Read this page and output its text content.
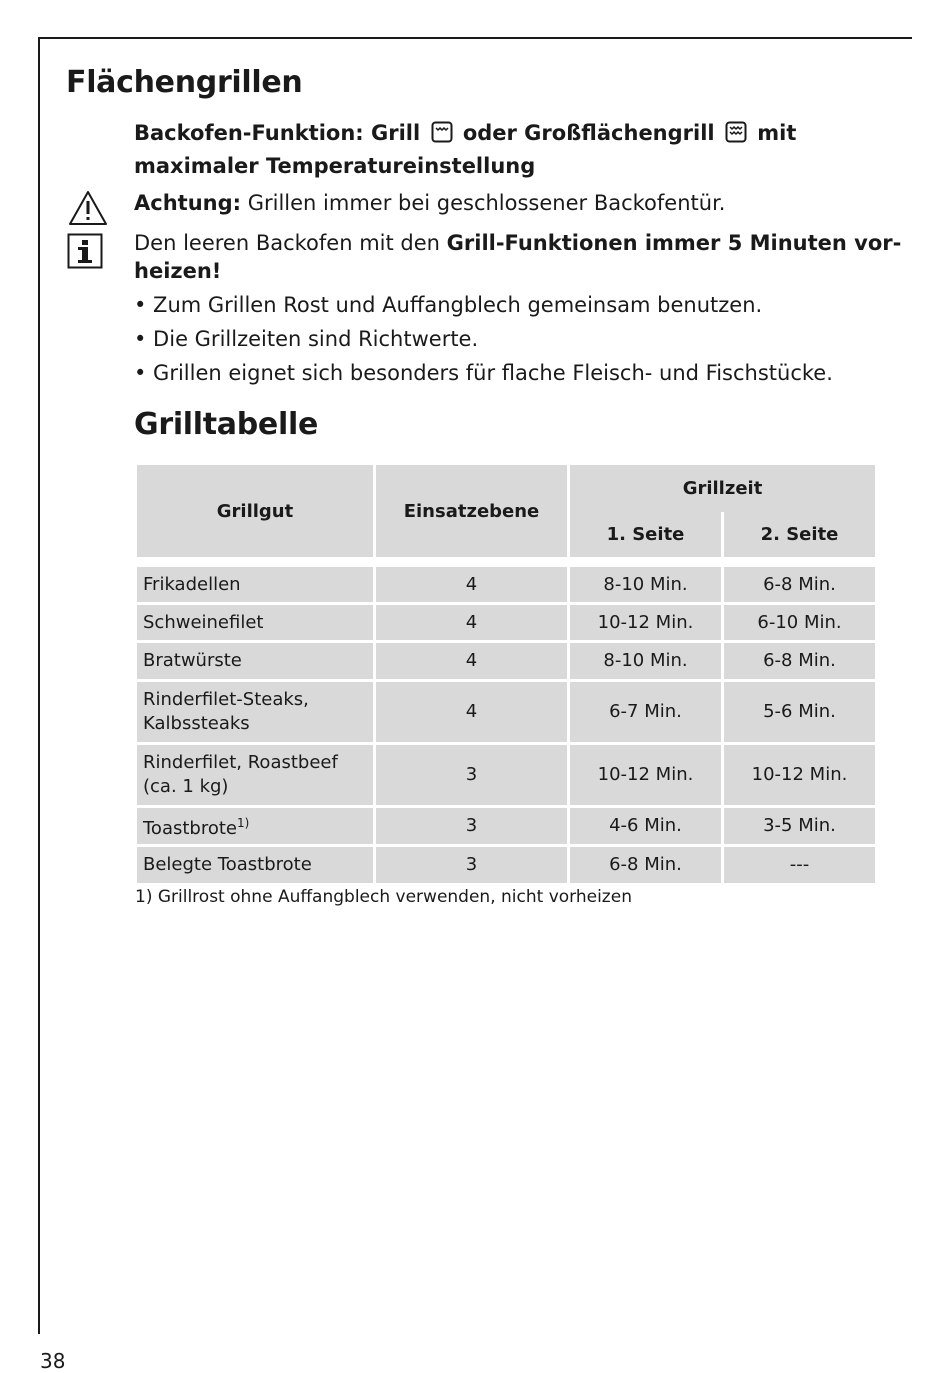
Flächengrillen
Backofen-Funktion: Grill oder Großflächengrill mit
maximaler Temperatureinstellung
Achtung: Grillen immer bei geschlossener Backofentür.
Den leeren Backofen mit den Grill-Funktionen immer 5 Minuten vor-
heizen!
• Zum Grillen Rost und Auffangblech gemeinsam benutzen.
• Die Grillzeiten sind Richtwerte.
• Grillen eignet sich besonders für flache Fleisch- und Fischstücke.
Grilltabelle
Grillgut	Einsatzebene	Grillzeit	
		1. Seite	2. Seite

Frikadellen	4	8-10 Min.	6-8 Min.
Schweinefilet	4	10-12 Min.	6-10 Min.
Bratwürste	4	8-10 Min.	6-8 Min.
Rinderfilet-Steaks,
Kalbssteaks	4	6-7 Min.	5-6 Min.
Rinderfilet, Roastbeef
(ca. 1 kg)	3	10-12 Min.	10-12 Min.
Toastbrote$^{1)}$	3	4-6 Min.	3-5 Min.
Belegte Toastbrote	3	6-8 Min.	---
1) Grillrost ohne Auffangblech verwenden, nicht vorheizen
38
